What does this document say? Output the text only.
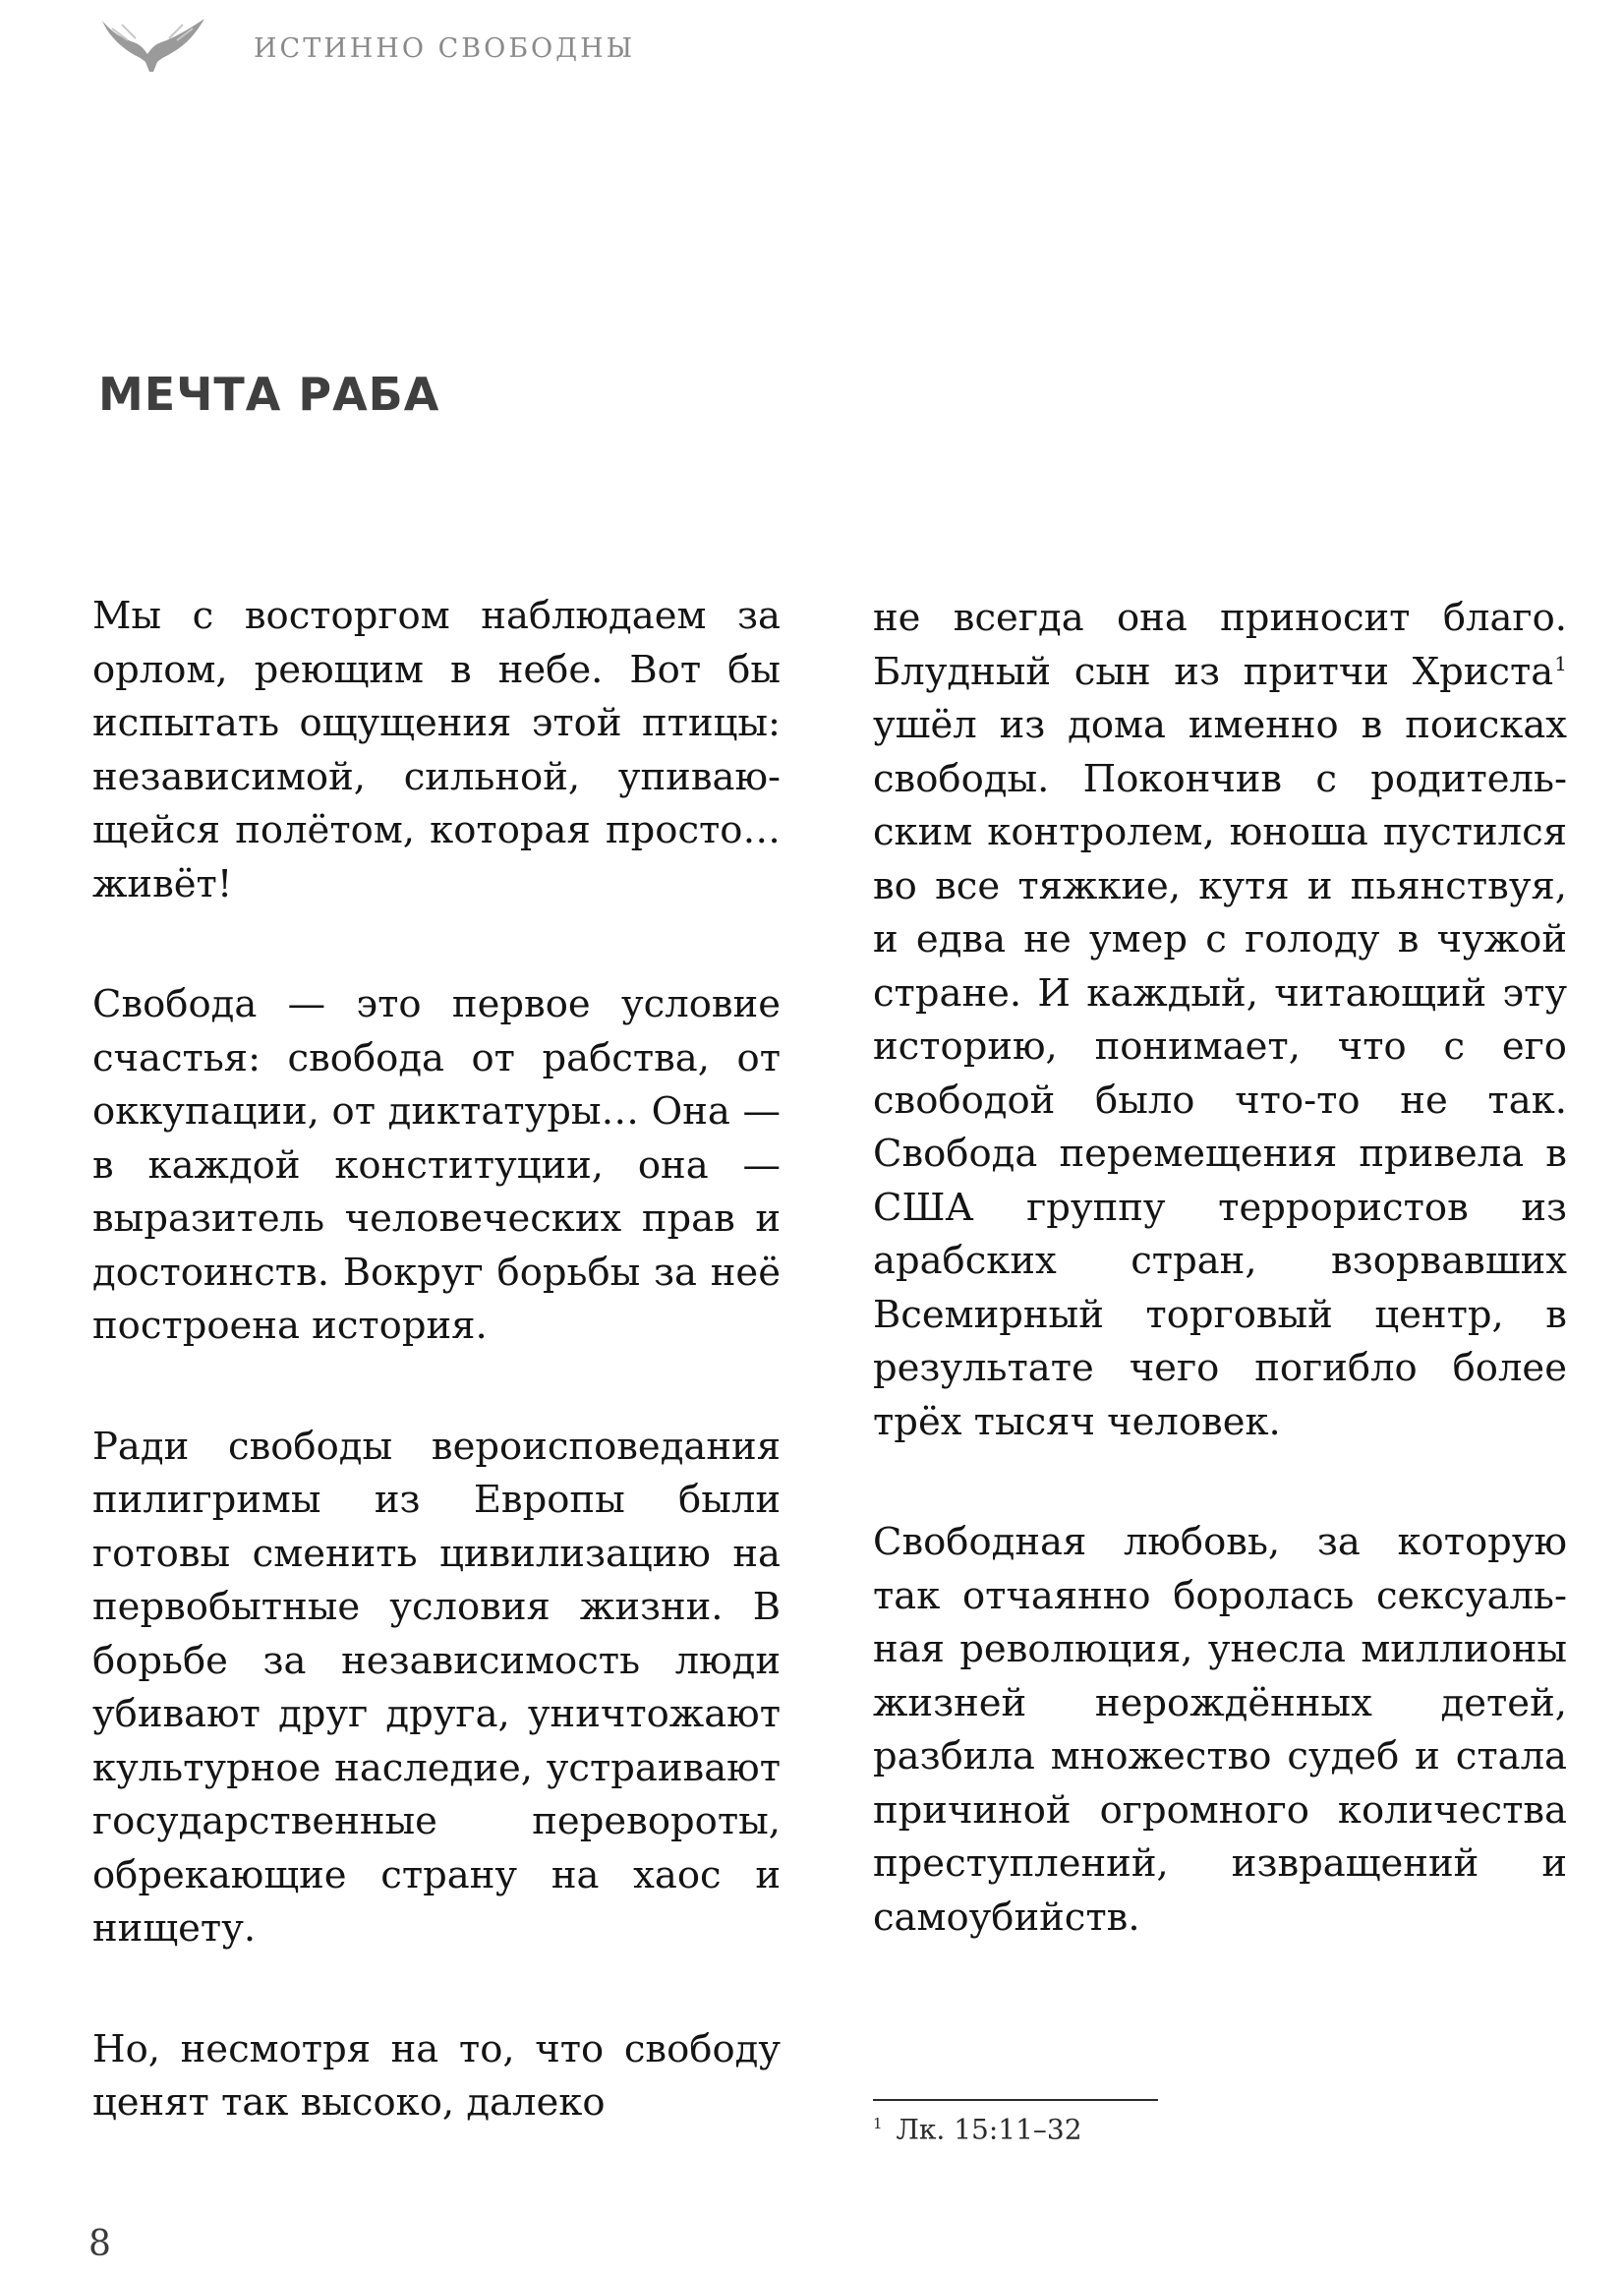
ИСТИННО СВОБОДНЫ
МЕЧТА РАБА

Мы с восторгом наблюдаем за орлом, реющим в небе. Вот бы испытать ощущения этой птицы: независимой, сильной, упивающейся полётом, которая просто… живёт!

Свобода — это первое условие счастья: свобода от рабства, от оккупации, от диктатуры… Она — в каждой конституции, она — выразитель человеческих прав и достоинств. Вокруг борьбы за неё построена история.

Ради свободы вероисповедания пилигримы из Европы были готовы сменить цивилизацию на первобытные условия жизни. В борьбе за независимость люди убивают друг друга, уничтожают культурное наследие, устраивают государственные перевороты, обрекающие страну на хаос и нищету.

Но, несмотря на то, что свободу ценят так высоко, далеко

не всегда она приносит благо. Блудный сын из притчи Христа$^1$ ушёл из дома именно в поисках свободы. Покончив с родительским контролем, юноша пустился во все тяжкие, кутя и пьянствуя, и едва не умер с голоду в чужой стране. И каждый, читающий эту историю, понимает, что с его свободой было что-то не так. Свобода перемещения привела в США группу террористов из арабских стран, взорвавших Всемирный торговый центр, в результате чего погибло более трёх тысяч человек.

Свободная любовь, за которую так отчаянно боролась сексуальная революция, унесла миллионы жизней нерождённых детей, разбила множество судеб и стала причиной огромного количества преступлений, извращений и самоубийств.

$^1$ Лк. 15:11–32
8
